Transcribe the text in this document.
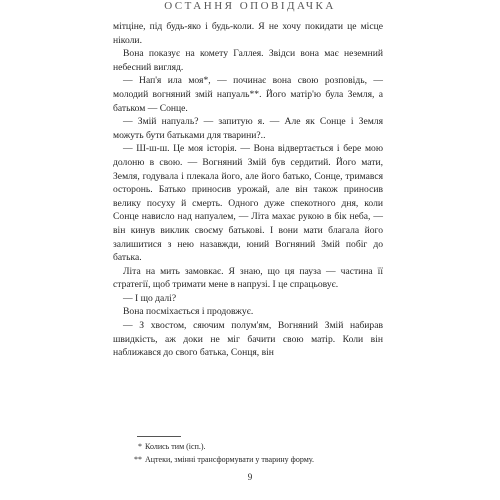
ОСТАННЯ ОПОВІДАЧКА

мітціне, під будь-яко і будь-коли. Я не хочу покидати це місце ніколи.

Вона показує на комету Галлея. Звідси вона має неземний небесний вигляд.

— Нап'я ила моя*, — починає вона свою розповідь, — молодий вогняний змій напуаль**. Його матір'ю була Земля, а батьком — Сонце.

— Змій напуаль? — запитую я. — Але як Сонце і Земля можуть бути батьками для тварини?..

— Ш-ш-ш. Це моя історія. — Вона відвертається і бере мою долоню в свою. — Вогняний Змій був сердитий. Його мати, Земля, годувала і плекала його, але його батько, Сонце, тримався осторонь. Батько приносив урожай, але він також приносив велику посуху й смерть. Одного дуже спекотного дня, коли Сонце нависло над напуалем, — Літа махає рукою в бік неба, — він кинув виклик своєму батькові. І вони мати благала його залишитися з нею назавжди, юний Вогняний Змій побіг до батька.

Літа на мить замовкає. Я знаю, що ця пауза — частина її стратегії, щоб тримати мене в напрузі. І це спрацьовує.

— І що далі?

Вона посміхається і продовжує.

— З хвостом, сяючим полум'ям, Вогняний Змій набирав швидкість, аж доки не міг бачити свою матір. Коли він наближався до свого батька, Сонця, він

* Колись тим (ісп.).

** Ацтеки, змінні трансформувати у тварину форму.

9
